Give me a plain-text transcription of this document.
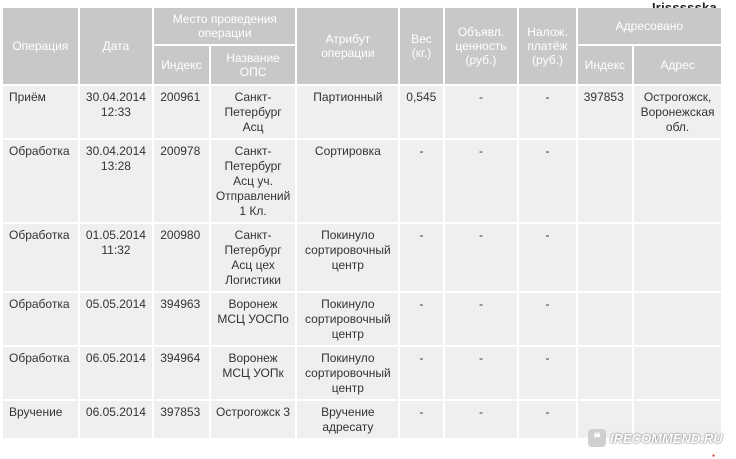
Операция	Дата	Место проведения операции		Атрибут операции	Вес (кг.)	Объявл. ценность (руб.)	Налож. платёж (руб.)	Адресовано	
		Индекс	Название ОПС					Индекс	Адрес
Приём	30.04.2014 12:33	200961	Санкт-Петербург Асц	Партионный	0,545	-	-	397853	Острогожск, Воронежская обл.
Обработка	30.04.2014 13:28	200978	Санкт-Петербург Асц уч. Отправлений 1 Кл.	Сортировка	-	-	-		
Обработка	01.05.2014 11:32	200980	Санкт-Петербург Асц цех Логистики	Покинуло сортировочный центр	-	-	-		
Обработка	05.05.2014	394963	Воронеж МСЦ УОСПо	Покинуло сортировочный центр	-	-	-		
Обработка	06.05.2014	394964	Воронеж МСЦ УОПк	Покинуло сортировочный центр	-	-	-		
Вручение	06.05.2014	397853	Острогожск 3	Вручение адресату	-	-	-		
❝ IRECOMMEND.RU
●
